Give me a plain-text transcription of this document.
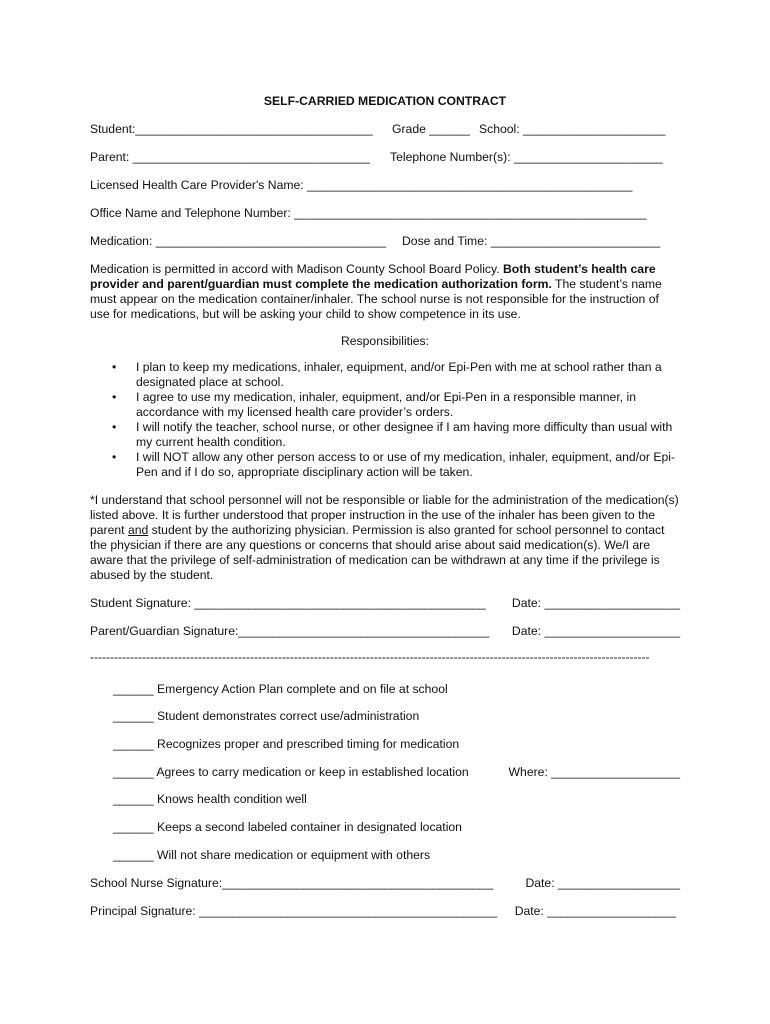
SELF-CARRIED MEDICATION CONTRACT
Student:___________________________________ Grade ______ School: _____________________
Parent: ___________________________________ Telephone Number(s): ______________________
Licensed Health Care Provider's Name: ________________________________________________
Office Name and Telephone Number: ____________________________________________________
Medication: __________________________________ Dose and Time: _________________________
Medication is permitted in accord with Madison County School Board Policy. Both student’s health care provider and parent/guardian must complete the medication authorization form. The student’s name must appear on the medication container/inhaler. The school nurse is not responsible for the instruction of use for medications, but will be asking your child to show competence in its use.
Responsibilities:
• I plan to keep my medications, inhaler, equipment, and/or Epi-Pen with me at school rather than a designated place at school.
• I agree to use my medication, inhaler, equipment, and/or Epi-Pen in a responsible manner, in accordance with my licensed health care provider’s orders.
• I will notify the teacher, school nurse, or other designee if I am having more difficulty than usual with my current health condition.
• I will NOT allow any other person access to or use of my medication, inhaler, equipment, and/or Epi-Pen and if I do so, appropriate disciplinary action will be taken.
*I understand that school personnel will not be responsible or liable for the administration of the medication(s) listed above. It is further understood that proper instruction in the use of the inhaler has been given to the parent and student by the authorizing physician. Permission is also granted for school personnel to contact the physician if there are any questions or concerns that should arise about said medication(s). We/I are aware that the privilege of self-administration of medication can be withdrawn at any time if the privilege is abused by the student.
Student Signature: ___________________________________________ Date: ____________________
Parent/Guardian Signature:_____________________________________ Date: ____________________
--------------------------------------------------------------------------------------------------------------------------------------------
______ Emergency Action Plan complete and on file at school
______ Student demonstrates correct use/administration
______ Recognizes proper and prescribed timing for medication
______ Agrees to carry medication or keep in established location	Where: ___________________
______ Knows health condition well
______ Keeps a second labeled container in designated location
______ Will not share medication or equipment with others
School Nurse Signature:________________________________________	Date: __________________
Principal Signature: ____________________________________________ Date: ___________________
